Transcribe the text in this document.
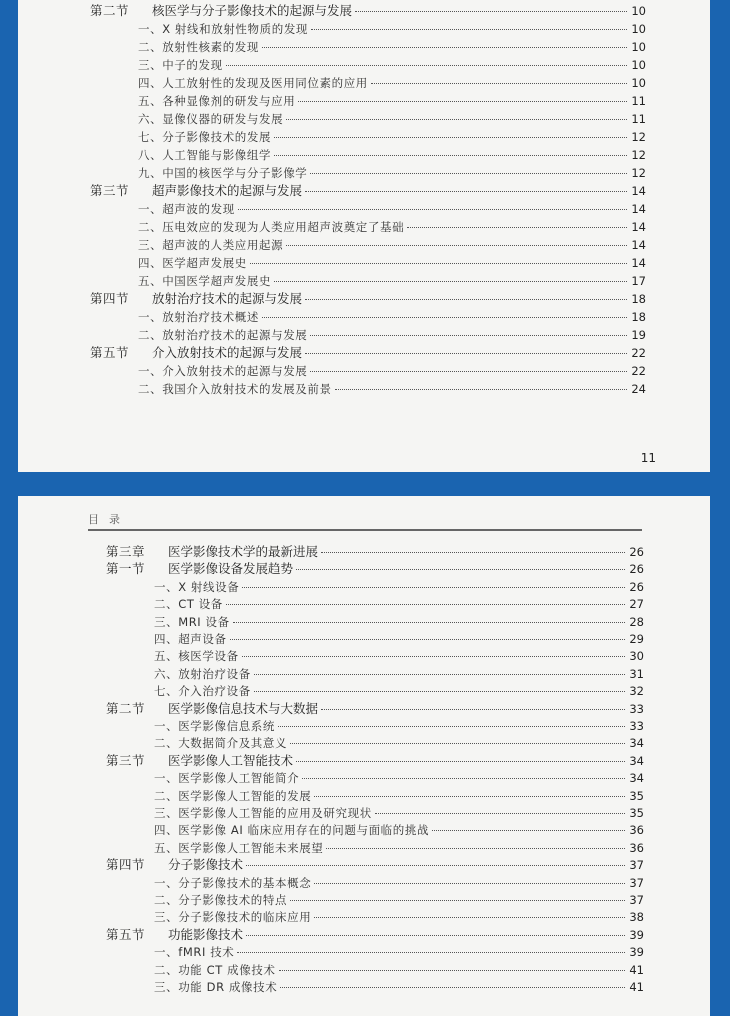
第二节	核医学与分子影像技术的起源与发展	10
一、X 射线和放射性物质的发现	10
二、放射性核素的发现	10
三、中子的发现	10
四、人工放射性的发现及医用同位素的应用	10
五、各种显像剂的研发与应用	11
六、显像仪器的研发与发展	11
七、分子影像技术的发展	12
八、人工智能与影像组学	12
九、中国的核医学与分子影像学	12
第三节	超声影像技术的起源与发展	14
一、超声波的发现	14
二、压电效应的发现为人类应用超声波奠定了基础	14
三、超声波的人类应用起源	14
四、医学超声发展史	14
五、中国医学超声发展史	17
第四节	放射治疗技术的起源与发展	18
一、放射治疗技术概述	18
二、放射治疗技术的起源与发展	19
第五节	介入放射技术的起源与发展	22
一、介入放射技术的起源与发展	22
二、我国介入放射技术的发展及前景	24
11
第三章	医学影像技术学的最新进展	26
第一节	医学影像设备发展趋势	26
一、X 射线设备	26
二、CT 设备	27
三、MRI 设备	28
四、超声设备	29
五、核医学设备	30
六、放射治疗设备	31
七、介入治疗设备	32
第二节	医学影像信息技术与大数据	33
一、医学影像信息系统	33
二、大数据简介及其意义	34
第三节	医学影像人工智能技术	34
一、医学影像人工智能简介	34
二、医学影像人工智能的发展	35
三、医学影像人工智能的应用及研究现状	35
四、医学影像 AI 临床应用存在的问题与面临的挑战	36
五、医学影像人工智能未来展望	36
第四节	分子影像技术	37
一、分子影像技术的基本概念	37
二、分子影像技术的特点	37
三、分子影像技术的临床应用	38
第五节	功能影像技术	39
一、fMRI 技术	39
二、功能 CT 成像技术	41
三、功能 DR 成像技术	41
目录
